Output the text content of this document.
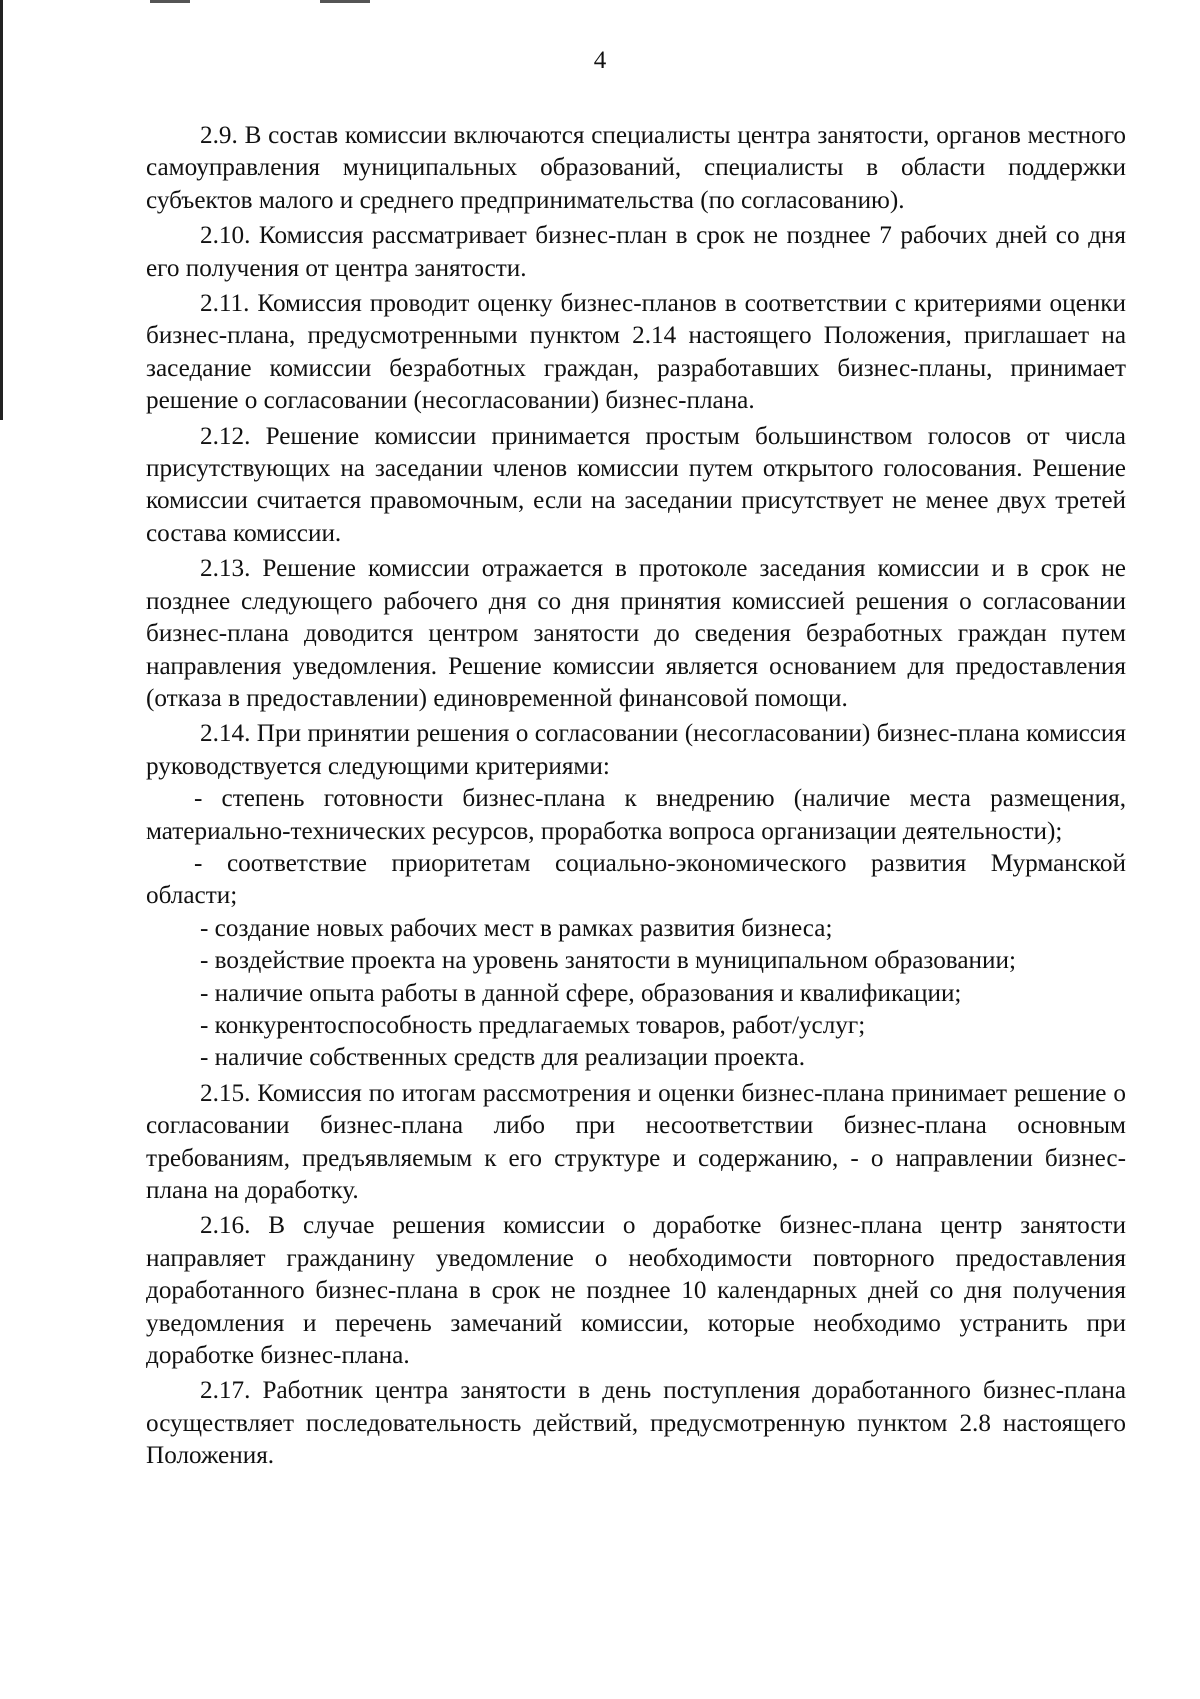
4

2.9. В состав комиссии включаются специалисты центра занятости, органов местного самоуправления муниципальных образований, специалисты в области поддержки субъектов малого и среднего предпринимательства (по согласованию).

2.10. Комиссия рассматривает бизнес-план в срок не позднее 7 рабочих дней со дня его получения от центра занятости.

2.11. Комиссия проводит оценку бизнес-планов в соответствии с критериями оценки бизнес-плана, предусмотренными пунктом 2.14 настоящего Положения, приглашает на заседание комиссии безработных граждан, разработавших бизнес-планы, принимает решение о согласовании (несогласовании) бизнес-плана.

2.12. Решение комиссии принимается простым большинством голосов от числа присутствующих на заседании членов комиссии путем открытого голосования. Решение комиссии считается правомочным, если на заседании присутствует не менее двух третей состава комиссии.

2.13. Решение комиссии отражается в протоколе заседания комиссии и в срок не позднее следующего рабочего дня со дня принятия комиссией решения о согласовании бизнес-плана доводится центром занятости до сведения безработных граждан путем направления уведомления. Решение комиссии является основанием для предоставления (отказа в предоставлении) единовременной финансовой помощи.

2.14. При принятии решения о согласовании (несогласовании) бизнес-плана комиссия руководствуется следующими критериями:

- степень готовности бизнес-плана к внедрению (наличие места размещения, материально-технических ресурсов, проработка вопроса организации деятельности);

- соответствие приоритетам социально-экономического развития Мурманской области;

- создание новых рабочих мест в рамках развития бизнеса;

- воздействие проекта на уровень занятости в муниципальном образовании;

- наличие опыта работы в данной сфере, образования и квалификации;

- конкурентоспособность предлагаемых товаров, работ/услуг;

- наличие собственных средств для реализации проекта.

2.15. Комиссия по итогам рассмотрения и оценки бизнес-плана принимает решение о согласовании бизнес-плана либо при несоответствии бизнес-плана основным требованиям, предъявляемым к его структуре и содержанию, - о направлении бизнес-плана на доработку.

2.16. В случае решения комиссии о доработке бизнес-плана центр занятости направляет гражданину уведомление о необходимости повторного предоставления доработанного бизнес-плана в срок не позднее 10 календарных дней со дня получения уведомления и перечень замечаний комиссии, которые необходимо устранить при доработке бизнес-плана.

2.17. Работник центра занятости в день поступления доработанного бизнес-плана осуществляет последовательность действий, предусмотренную пунктом 2.8 настоящего Положения.
